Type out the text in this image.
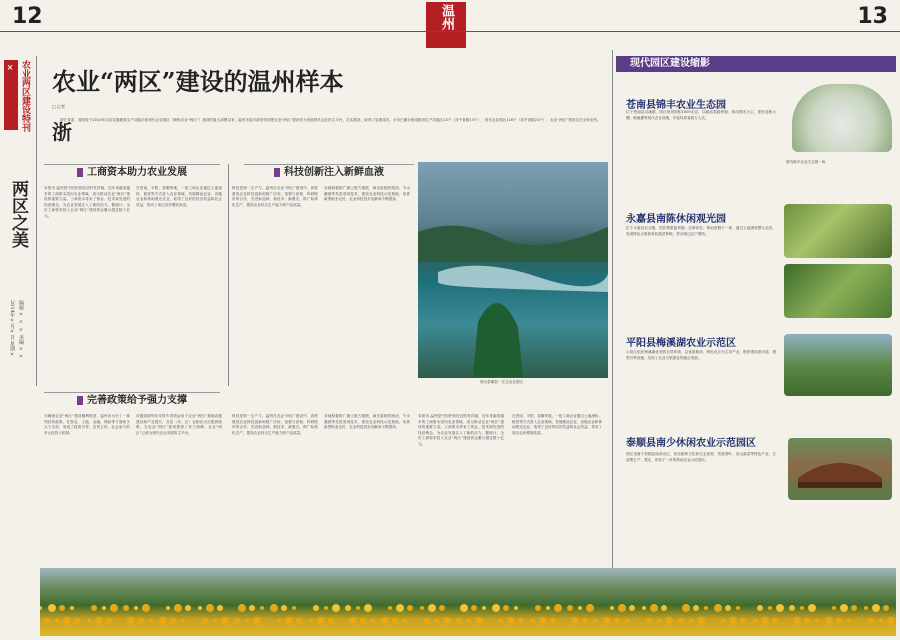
12	13
温州
× 农业两区建设特刊
两区之美
2014年×月×日 星期× 编辑 × × × 美编 × ×
农业“两区”建设的温州样本
□ 记者
浙江省委、省政府于2010年启动实施粮食生产功能区和现代农业园区（简称农业“两区”）建设的重大部署以来，温州市委市政府坚持把农业“两区”建设作为发展现代农业的主平台，扎实推进，取得了显著成效。全市已累计建成粮食生产功能区13个（其中省级13个），现代农业园区116个（其中省级23个），农业“两区”建设走在全省前列。
浙
工商资本助力农业发展	科技创新注入新鲜血液
完善政策给予强力支撑
本报讯 温州是中国民营经济的发祥地，近年来越来越多的工商资本投向农业领域，成为推动农业“两区”建设的重要力量。工商资本带来了资金、技术和先进的经营理念，为农业发展注入了新的活力。据统计，全市工商资本投入农业“两区”建设资金累计超过数十亿元。
在苍南、平阳、泰顺等地，一批工商企业通过土地流转、租赁等方式进入农业领域，发展精品农业、设施农业和休闲观光农业，取得了良好的经济效益和社会效益，带动了周边农民增收致富。
科技是第一生产力。温州在农业“两区”建设中，高度重视农业科技创新和推广应用，加强与高校、科研院所的合作，引进新品种、新技术、新模式，推广标准化生产，提高农业综合生产能力和产品质量。
各地积极推广测土配方施肥、病虫害统防统治、节水灌溉等先进适用技术，建设农业科技示范基地，培育新型职业农民，农业科技进步贡献率不断提高。
图为泰顺县一生态农业园区
为确保农业“两区”建设顺利推进，温州市出台了一系列扶持政策，在资金、土地、金融、保险等方面给予大力支持，形成了政府引导、农民主体、社会参与的多元化投入机制。
市级财政每年安排专项资金用于农业“两区”基础设施建设和产业提升，各县（市、区）也相应出台配套政策，为农业“两区”建设提供了有力保障，农业“两区”已成为现代农业发展的主平台。
科技是第一生产力。温州在农业“两区”建设中，高度重视农业科技创新和推广应用，加强与高校、科研院所的合作，引进新品种、新技术、新模式，推广标准化生产，提高农业综合生产能力和产品质量。
各地积极推广测土配方施肥、病虫害统防统治、节水灌溉等先进适用技术，建设农业科技示范基地，培育新型职业农民，农业科技进步贡献率不断提高。
本报讯 温州是中国民营经济的发祥地，近年来越来越多的工商资本投向农业领域，成为推动农业“两区”建设的重要力量。工商资本带来了资金、技术和先进的经营理念，为农业发展注入了新的活力。据统计，全市工商资本投入农业“两区”建设资金累计超过数十亿元。
在苍南、平阳、泰顺等地，一批工商企业通过土地流转、租赁等方式进入农业领域，发展精品农业、设施农业和休闲观光农业，取得了良好的经济效益和社会效益，带动了周边农民增收致富。
现代园区建设缩影
苍南县锦丰农业生态园
位于苍南县灵溪镇，园区规划面积1000余亩，以精品果蔬种植、休闲观光为主，建有连栋大棚、喷滴灌等现代农业设施，年接待游客数万人次。
图为锦丰农业生态园一角
永嘉县南陈休闲观光园
位于永嘉县岩头镇，园区集果蔬采摘、农事体验、休闲度假于一体，通过土地流转整合农田，发展特色水果和有机蔬菜种植，带动周边农户增收。
平阳县梅溪湖农业示范区
示范区依托梅溪湖优美的自然环境，以优质粮油、特色花卉为主导产业，配套建设游步道、观景台等设施，实现了农业与旅游业的融合发展。
泰顺县南少休闲农业示范园区
园区坐落于泰顺县南部山区，依托廊桥文化和生态优势，发展茶叶、高山蔬菜等特色产业，打造集生产、观光、体验于一体的休闲农业示范园区。
